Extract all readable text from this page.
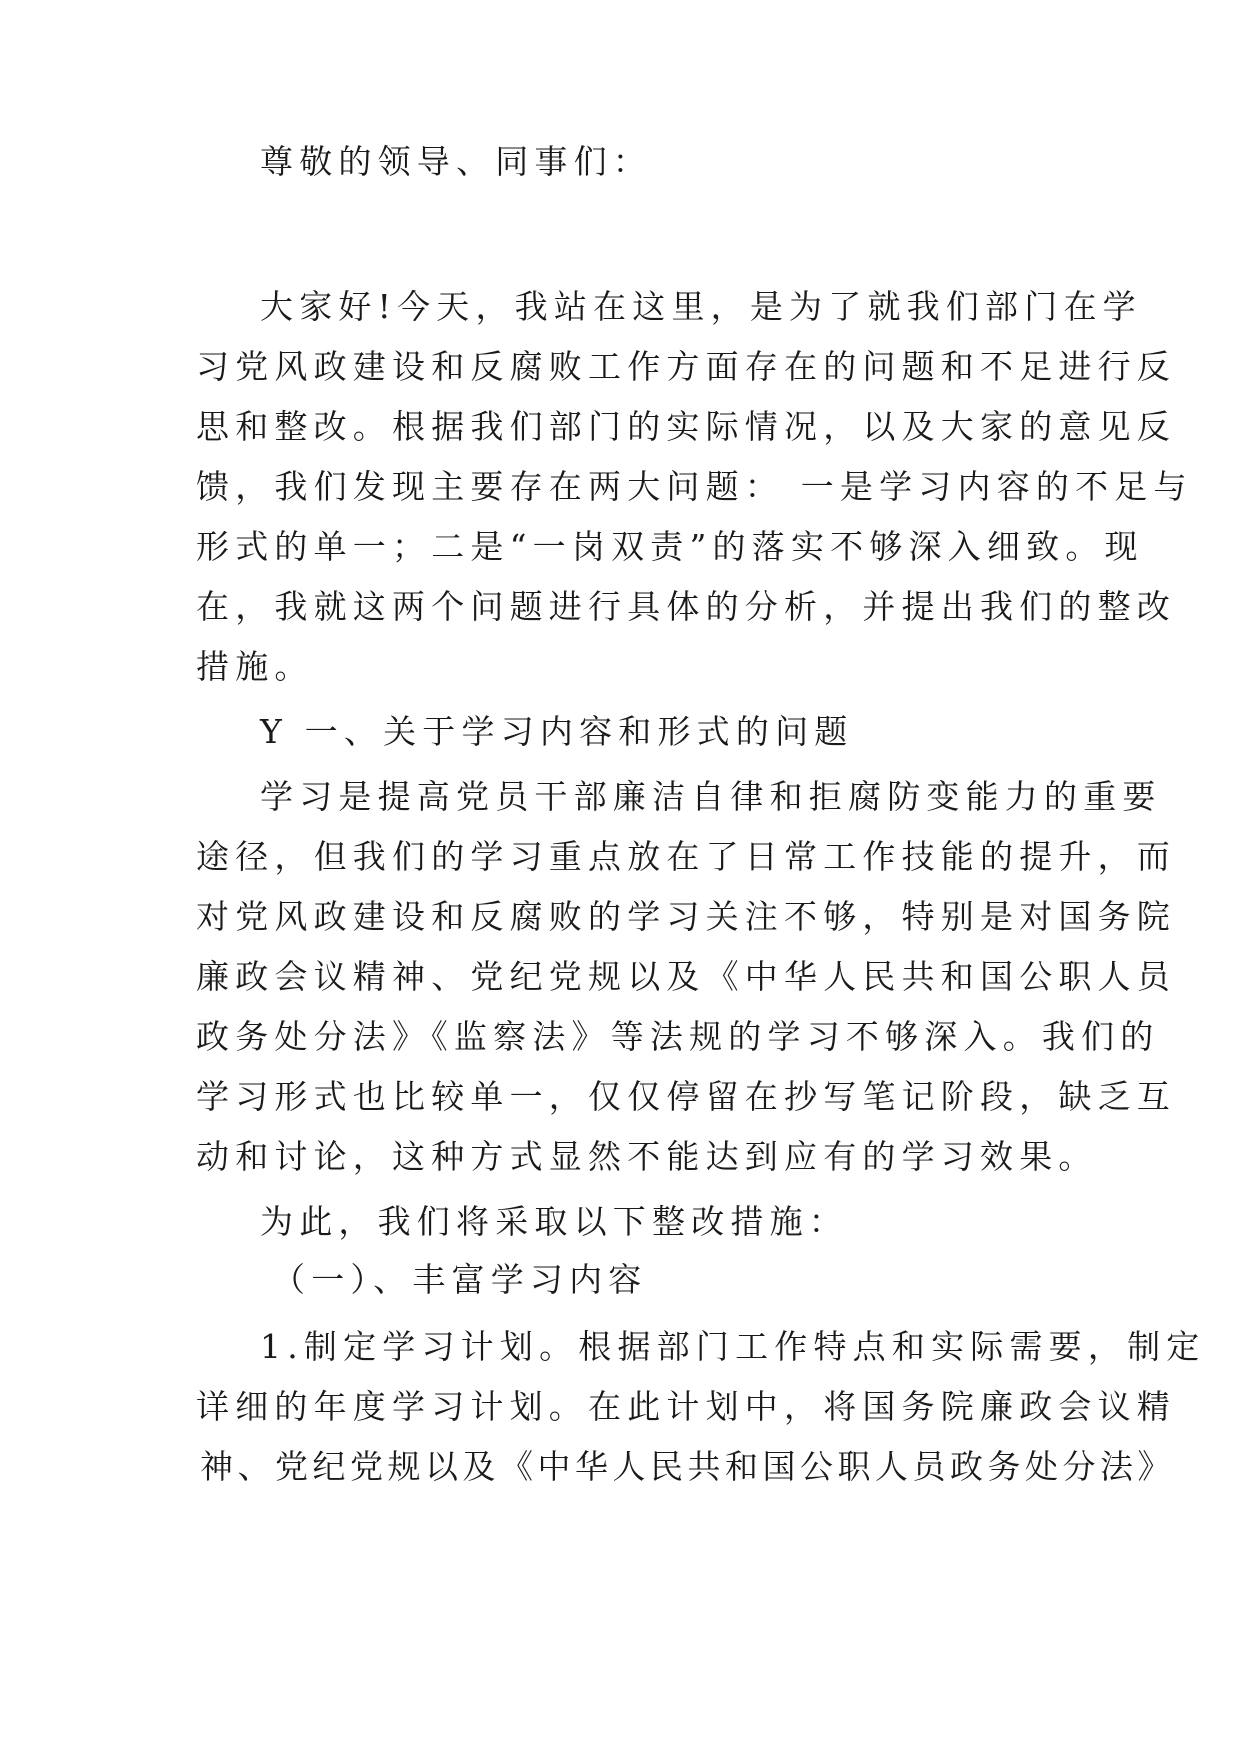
尊敬的领导、同事们：
大家好!今天，我站在这里，是为了就我们部门在学
习党风政建设和反腐败工作方面存在的问题和不足进行反
思和整改。根据我们部门的实际情况，以及大家的意见反
馈，我们发现主要存在两大问题： 一是学习内容的不足与
形式的单一；二是“一岗双责”的落实不够深入细致。现
在，我就这两个问题进行具体的分析，并提出我们的整改
措施。
Y 一、关于学习内容和形式的问题
学习是提高党员干部廉洁自律和拒腐防变能力的重要
途径，但我们的学习重点放在了日常工作技能的提升，而
对党风政建设和反腐败的学习关注不够，特别是对国务院
廉政会议精神、党纪党规以及《中华人民共和国公职人员
政务处分法》《监察法》等法规的学习不够深入。我们的
学习形式也比较单一，仅仅停留在抄写笔记阶段，缺乏互
动和讨论，这种方式显然不能达到应有的学习效果。
为此，我们将采取以下整改措施：
（一）、丰富学习内容
1.制定学习计划。根据部门工作特点和实际需要，制定
详细的年度学习计划。在此计划中，将国务院廉政会议精
神、党纪党规以及《中华人民共和国公职人员政务处分法》
